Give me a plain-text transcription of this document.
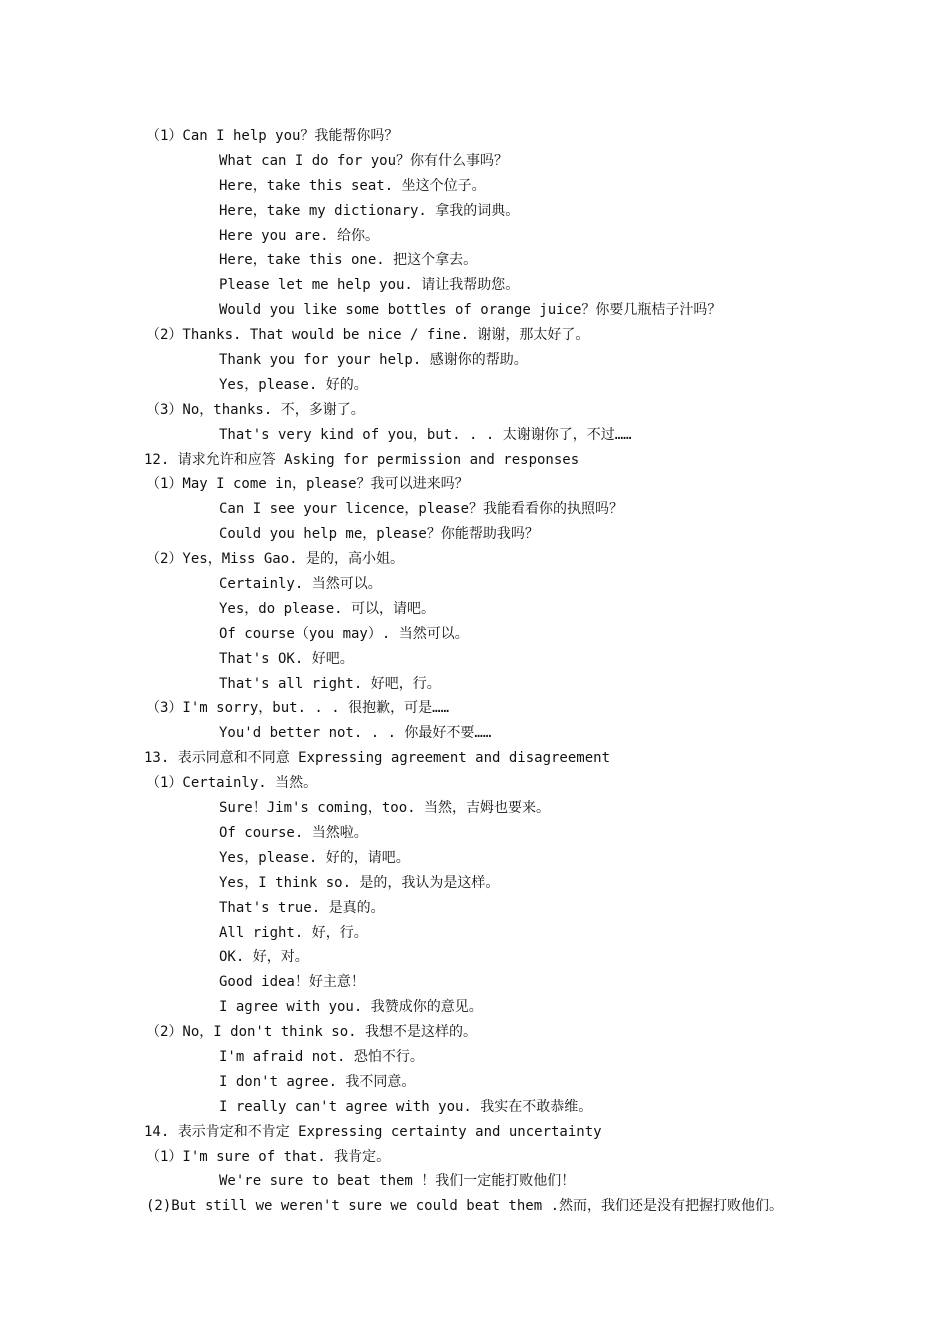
（1）Can I help you？我能帮你吗？
What can I do for you？你有什么事吗？
Here，take this seat. 坐这个位子。
Here，take my dictionary. 拿我的词典。
Here you are. 给你。
Here，take this one. 把这个拿去。
Please let me help you. 请让我帮助您。
Would you like some bottles of orange juice？你要几瓶桔子汁吗？
（2）Thanks. That would be nice / fine. 谢谢，那太好了。
Thank you for your help. 感谢你的帮助。
Yes，please. 好的。
（3）No，thanks. 不，多谢了。
That's very kind of you，but. . . 太谢谢你了，不过……
12. 请求允许和应答 Asking for permission and responses
（1）May I come in，please？我可以进来吗？
Can I see your licence，please？我能看看你的执照吗？
Could you help me，please？你能帮助我吗？
（2）Yes，Miss Gao. 是的，高小姐。
Certainly. 当然可以。
Yes，do please. 可以，请吧。
Of course（you may）. 当然可以。
That's OK. 好吧。
That's all right. 好吧，行。
（3）I'm sorry，but. . . 很抱歉，可是……
You'd better not. . . 你最好不要……
13. 表示同意和不同意 Expressing agreement and disagreement
（1）Certainly. 当然。
Sure！Jim's coming，too. 当然，吉姆也要来。
Of course. 当然啦。
Yes，please. 好的，请吧。
Yes，I think so. 是的，我认为是这样。
That's true. 是真的。
All right. 好，行。
OK. 好，对。
Good idea！好主意！
I agree with you. 我赞成你的意见。
（2）No，I don't think so. 我想不是这样的。
I'm afraid not. 恐怕不行。
I don't agree. 我不同意。
I really can't agree with you. 我实在不敢恭维。
14. 表示肯定和不肯定 Expressing certainty and uncertainty
（1）I'm sure of that. 我肯定。
We're sure to beat them ！我们一定能打败他们！
(2)But still we weren't sure we could beat them .然而，我们还是没有把握打败他们。
